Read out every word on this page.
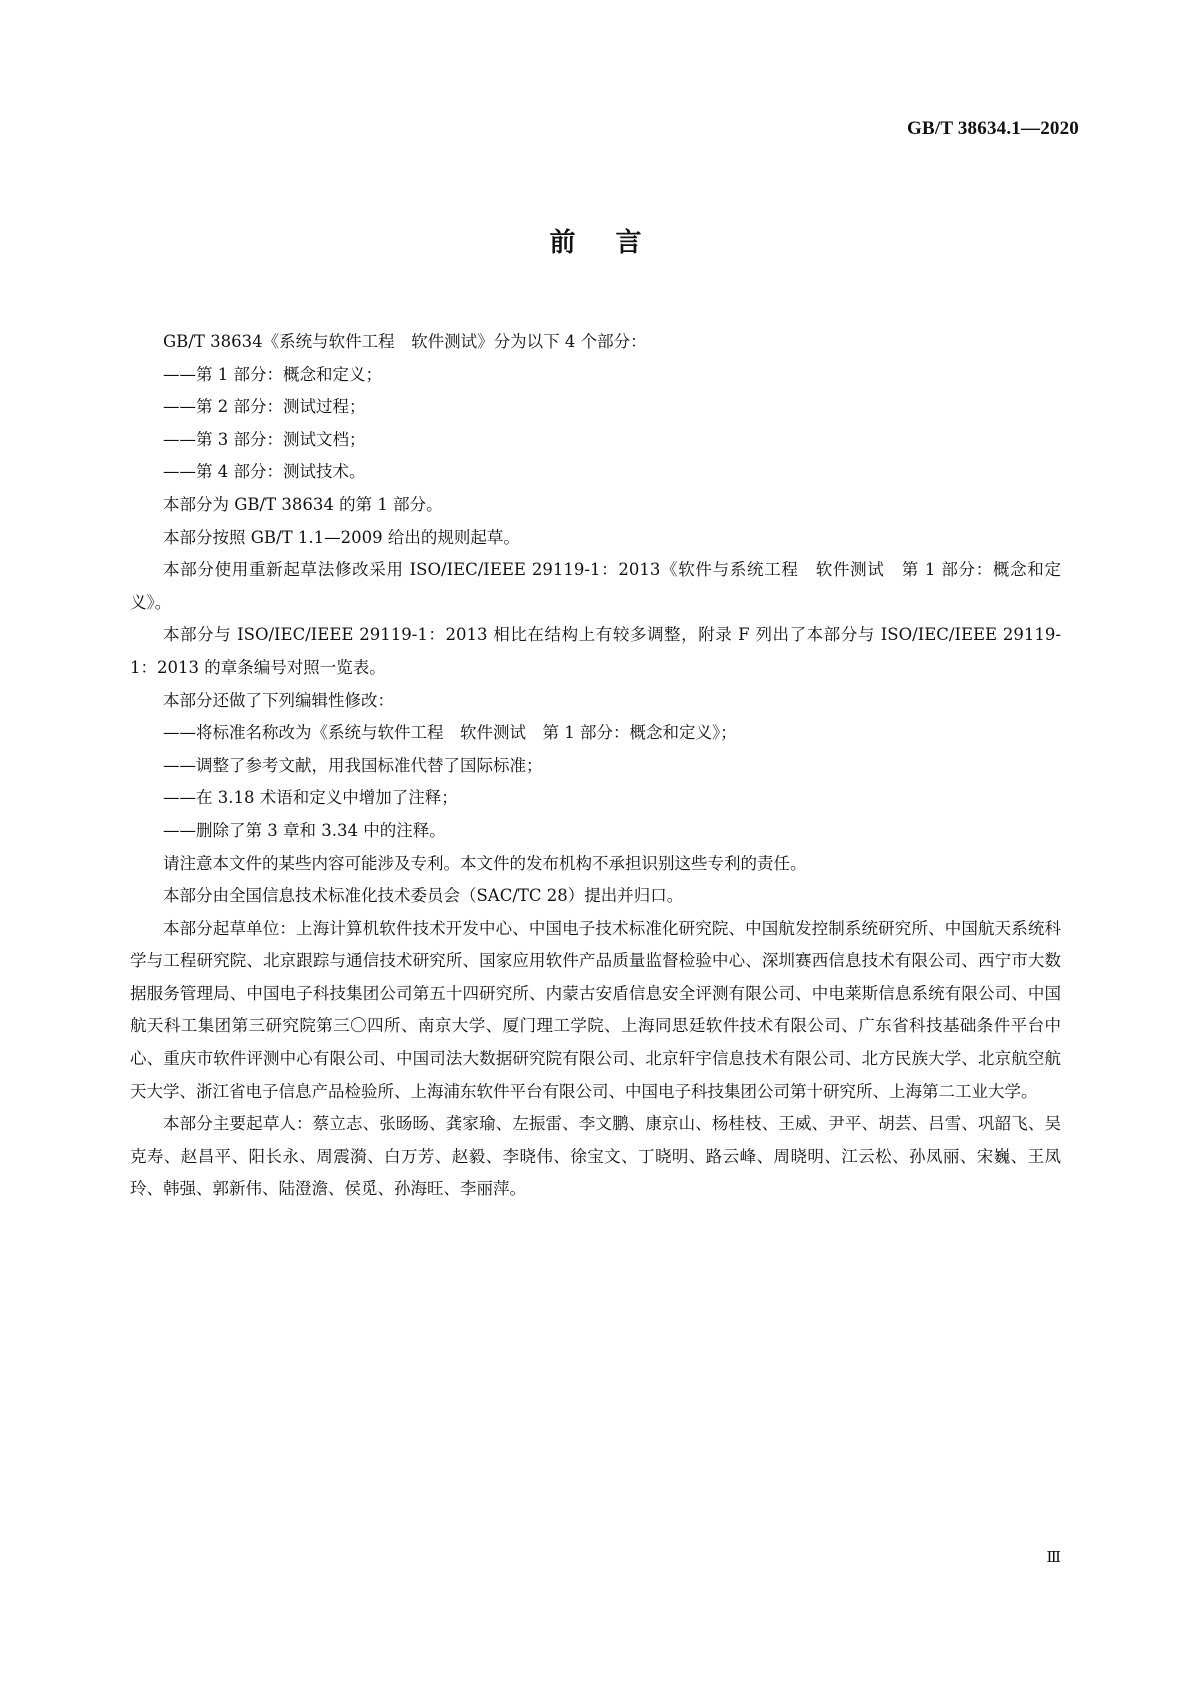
GB/T 38634.1—2020
前言

GB/T 38634《系统与软件工程　软件测试》分为以下 4 个部分：

——第 1 部分：概念和定义；

——第 2 部分：测试过程；

——第 3 部分：测试文档；

——第 4 部分：测试技术。

本部分为 GB/T 38634 的第 1 部分。

本部分按照 GB/T 1.1—2009 给出的规则起草。

本部分使用重新起草法修改采用 ISO/IEC/IEEE 29119-1：2013《软件与系统工程　软件测试　第 1 部分：概念和定义》。

本部分与 ISO/IEC/IEEE 29119-1：2013 相比在结构上有较多调整，附录 F 列出了本部分与 ISO/IEC/IEEE 29119-1：2013 的章条编号对照一览表。

本部分还做了下列编辑性修改：

——将标准名称改为《系统与软件工程　软件测试　第 1 部分：概念和定义》；

——调整了参考文献，用我国标准代替了国际标准；

——在 3.18 术语和定义中增加了注释；

——删除了第 3 章和 3.34 中的注释。

请注意本文件的某些内容可能涉及专利。本文件的发布机构不承担识别这些专利的责任。

本部分由全国信息技术标准化技术委员会（SAC/TC 28）提出并归口。

本部分起草单位：上海计算机软件技术开发中心、中国电子技术标准化研究院、中国航发控制系统研究所、中国航天系统科学与工程研究院、北京跟踪与通信技术研究所、国家应用软件产品质量监督检验中心、深圳赛西信息技术有限公司、西宁市大数据服务管理局、中国电子科技集团公司第五十四研究所、内蒙古安盾信息安全评测有限公司、中电莱斯信息系统有限公司、中国航天科工集团第三研究院第三〇四所、南京大学、厦门理工学院、上海同思廷软件技术有限公司、广东省科技基础条件平台中心、重庆市软件评测中心有限公司、中国司法大数据研究院有限公司、北京轩宇信息技术有限公司、北方民族大学、北京航空航天大学、浙江省电子信息产品检验所、上海浦东软件平台有限公司、中国电子科技集团公司第十研究所、上海第二工业大学。

本部分主要起草人：蔡立志、张旸旸、龚家瑜、左振雷、李文鹏、康京山、杨桂枝、王威、尹平、胡芸、吕雪、巩韶飞、吴克寿、赵昌平、阳长永、周震漪、白万芳、赵毅、李晓伟、徐宝文、丁晓明、路云峰、周晓明、江云松、孙凤丽、宋巍、王凤玲、韩强、郭新伟、陆澄澹、侯觅、孙海旺、李丽萍。

Ⅲ
